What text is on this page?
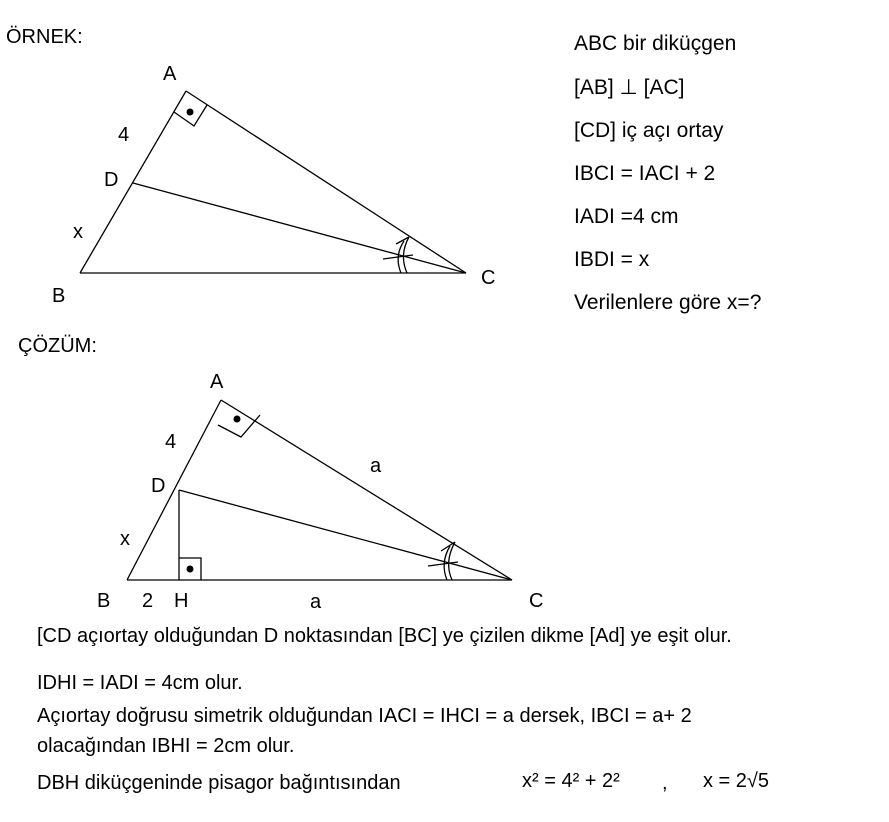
ÖRNEK:
A
4
D
x
B
C
ABC bir diküçgen
[AB] ⊥ [AC]
[CD] iç açı ortay
IBCI = IACI + 2
IADI =4 cm
IBDI = x
Verilenlere göre x=?
ÇÖZÜM:
A
4
a
D
x
B 2 H	a	C
[CD açıortay olduğundan D noktasından [BC] ye çizilen dikme [Ad] ye eşit olur.
IDHI = IADI = 4cm olur.
Açıortay doğrusu simetrik olduğundan IACI = IHCI = a dersek, IBCI = a+ 2
olacağından IBHI = 2cm olur.
DBH diküçgeninde pisagor bağıntısından	x² = 4² + 2² , x = 2√5
